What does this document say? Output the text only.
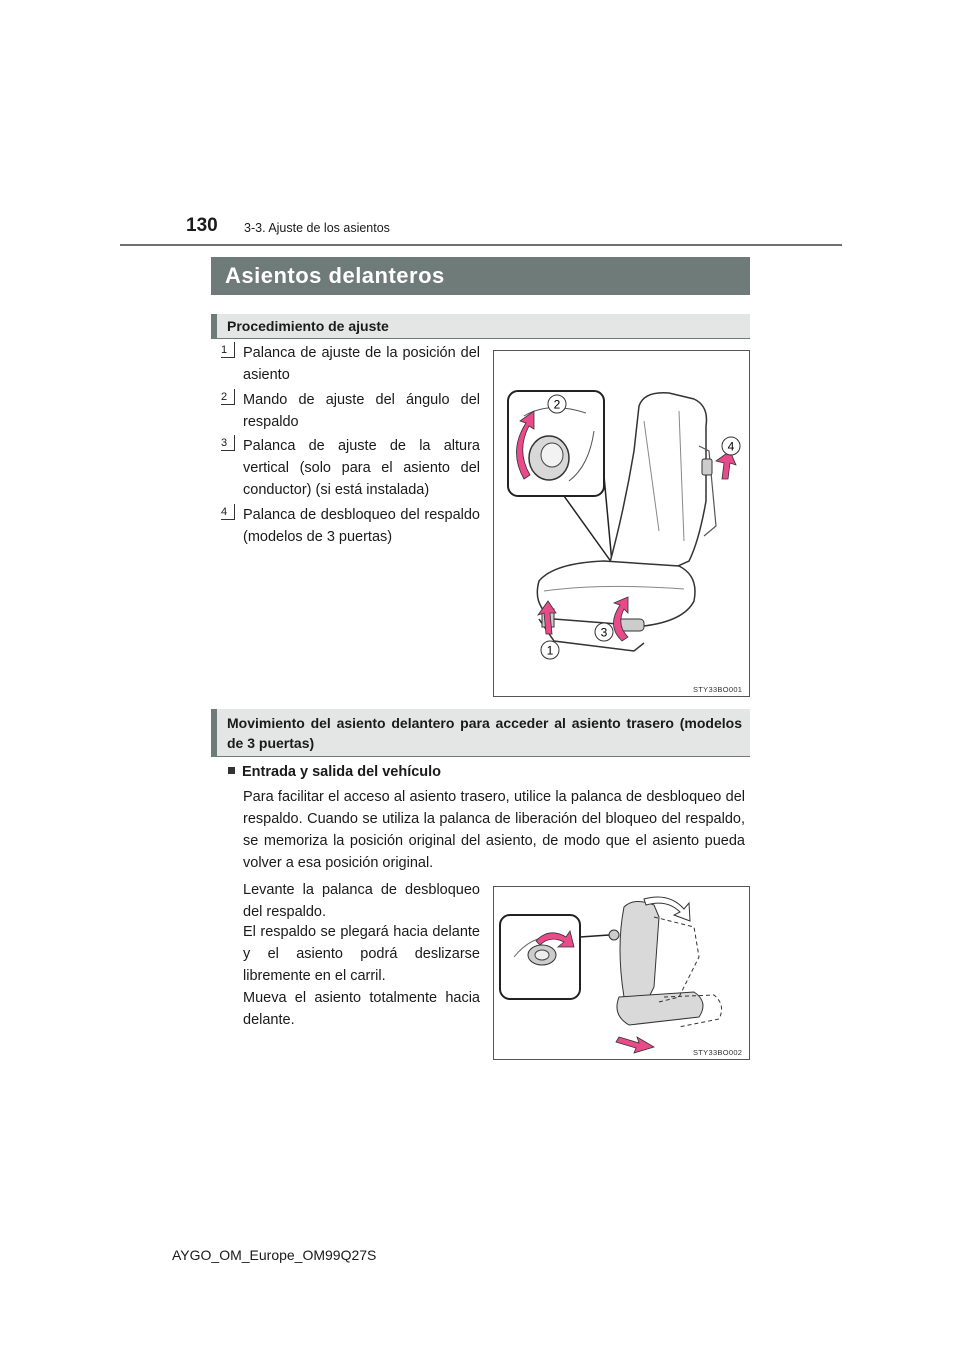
130 3-3. Ajuste de los asientos
Asientos delanteros
Procedimiento de ajuste
1	Palanca de ajuste de la posición del asiento
2	Mando de ajuste del ángulo del respaldo
3	Palanca de ajuste de la altura vertical (solo para el asiento del conductor) (si está instalada)
4	Palanca de desbloqueo del respaldo (modelos de 3 puertas)
2
4
3
1
STY33BO001
Movimiento del asiento delantero para acceder al asiento trasero (modelos de 3 puertas)
Entrada y salida del vehículo
Para facilitar el acceso al asiento trasero, utilice la palanca de desbloqueo del respaldo. Cuando se utiliza la palanca de liberación del bloqueo del respaldo, se memoriza la posición original del asiento, de modo que el asiento pueda volver a esa posición original.
Levante la palanca de desbloqueo del respaldo.
El respaldo se plegará hacia delante y el asiento podrá deslizarse libremente en el carril.
Mueva el asiento totalmente hacia delante.
STY33BO002
AYGO_OM_Europe_OM99Q27S
